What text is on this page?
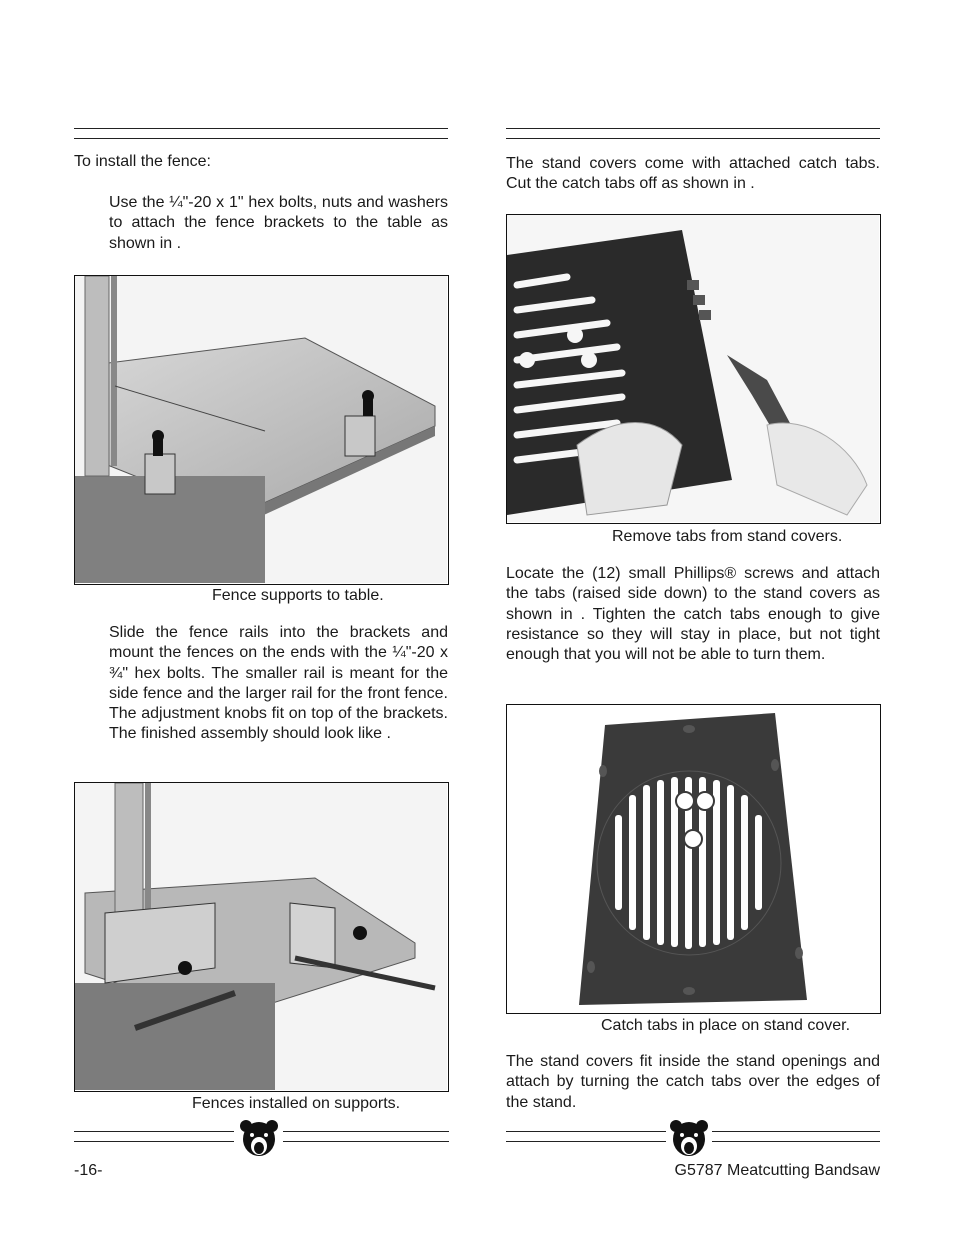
To install the fence:
Use the ¼"-20 x 1" hex bolts, nuts and washers to attach the fence brackets to the table as shown in .
Fence supports to table.
Slide the fence rails into the brackets and mount the fences on the ends with the ¼"-20 x ¾" hex bolts. The smaller rail is meant for the side fence and the larger rail for the front fence. The adjustment knobs fit on top of the brackets. The finished assembly should look like .
Fences installed on supports.
The stand covers come with attached catch tabs. Cut the catch tabs off as shown in .
Remove tabs from stand covers.
Locate the (12) small Phillips® screws and attach the tabs (raised side down) to the stand covers as shown in . Tighten the catch tabs enough to give resistance so they will stay in place, but not tight enough that you will not be able to turn them.
Catch tabs in place on stand cover.
The stand covers fit inside the stand openings and attach by turning the catch tabs over the edges of the stand.
-16-	G5787 Meatcutting Bandsaw
